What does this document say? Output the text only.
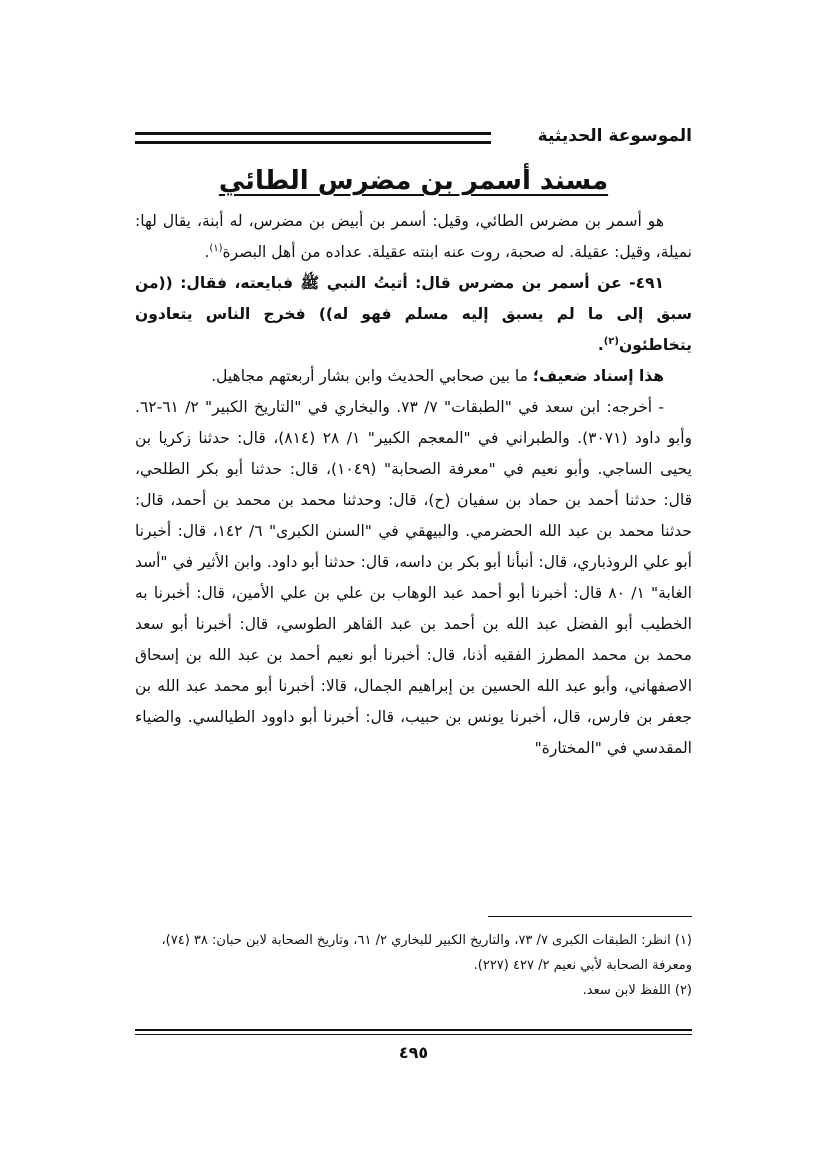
الموسوعة الحديثية
مسند أسمر بن مضرس الطائي

هو أسمر بن مضرس الطائي، وقيل: أسمر بن أبيض بن مضرس، له أبنة، يقال لها: نميلة، وقيل: عقيلة. له صحبة، روت عنه ابنته عقيلة. عداده من أهل البصرة$^{(١)}$.

٤٩١- عن أسمر بن مضرس قال: أتيتُ النبي ﷺ فبايعته، فقال: ((من سبق إلى ما لم يسبق إليه مسلم فهو له)) فخرج الناس يتعادون يتخاطئون$^{(٢)}$.

هذا إسناد ضعيف؛ ما بين صحابي الحديث وابن بشار أربعتهم مجاهيل.

- أخرجه: ابن سعد في "الطبقات" ٧/ ٧٣. والبخاري في "التاريخ الكبير" ٢/ ٦١-٦٢. وأبو داود (٣٠٧١). والطبراني في "المعجم الكبير" ١/ ٢٨ (٨١٤)، قال: حدثنا زكريا بن يحيى الساجي. وأبو نعيم في "معرفة الصحابة" (١٠٤٩)، قال: حدثنا أبو بكر الطلحي، قال: حدثنا أحمد بن حماد بن سفيان (ح)، قال: وحدثنا محمد بن محمد بن أحمد، قال: حدثنا محمد بن عبد الله الحضرمي. والبيهقي في "السنن الكبرى" ٦/ ١٤٢، قال: أخبرنا أبو علي الروذباري، قال: أنبأنا أبو بكر بن داسه، قال: حدثنا أبو داود. وابن الأثير في "أسد الغابة" ١/ ٨٠ قال: أخبرنا أبو أحمد عبد الوهاب بن علي بن علي الأمين، قال: أخبرنا به الخطيب أبو الفضل عبد الله بن أحمد بن عبد القاهر الطوسي، قال: أخبرنا أبو سعد محمد بن محمد المطرز الفقيه أذنا، قال: أخبرنا أبو نعيم أحمد بن عبد الله بن إسحاق الاصفهاني، وأبو عبد الله الحسين بن إبراهيم الجمال، قالا: أخبرنا أبو محمد عبد الله بن جعفر بن فارس، قال، أخبرنا يونس بن حبيب، قال: أخبرنا أبو داوود الطيالسي. والضياء المقدسي في "المختارة"

(١) انظر: الطبقات الكبرى ٧/ ٧٣، والتاريخ الكبير للبخاري ٢/ ٦١، وتاريخ الصحابة لابن حبان: ٣٨ (٧٤)، ومعرفة الصحابة لأبي نعيم ٢/ ٤٢٧ (٢٢٧).

(٢) اللفظ لابن سعد.

٤٩٥
